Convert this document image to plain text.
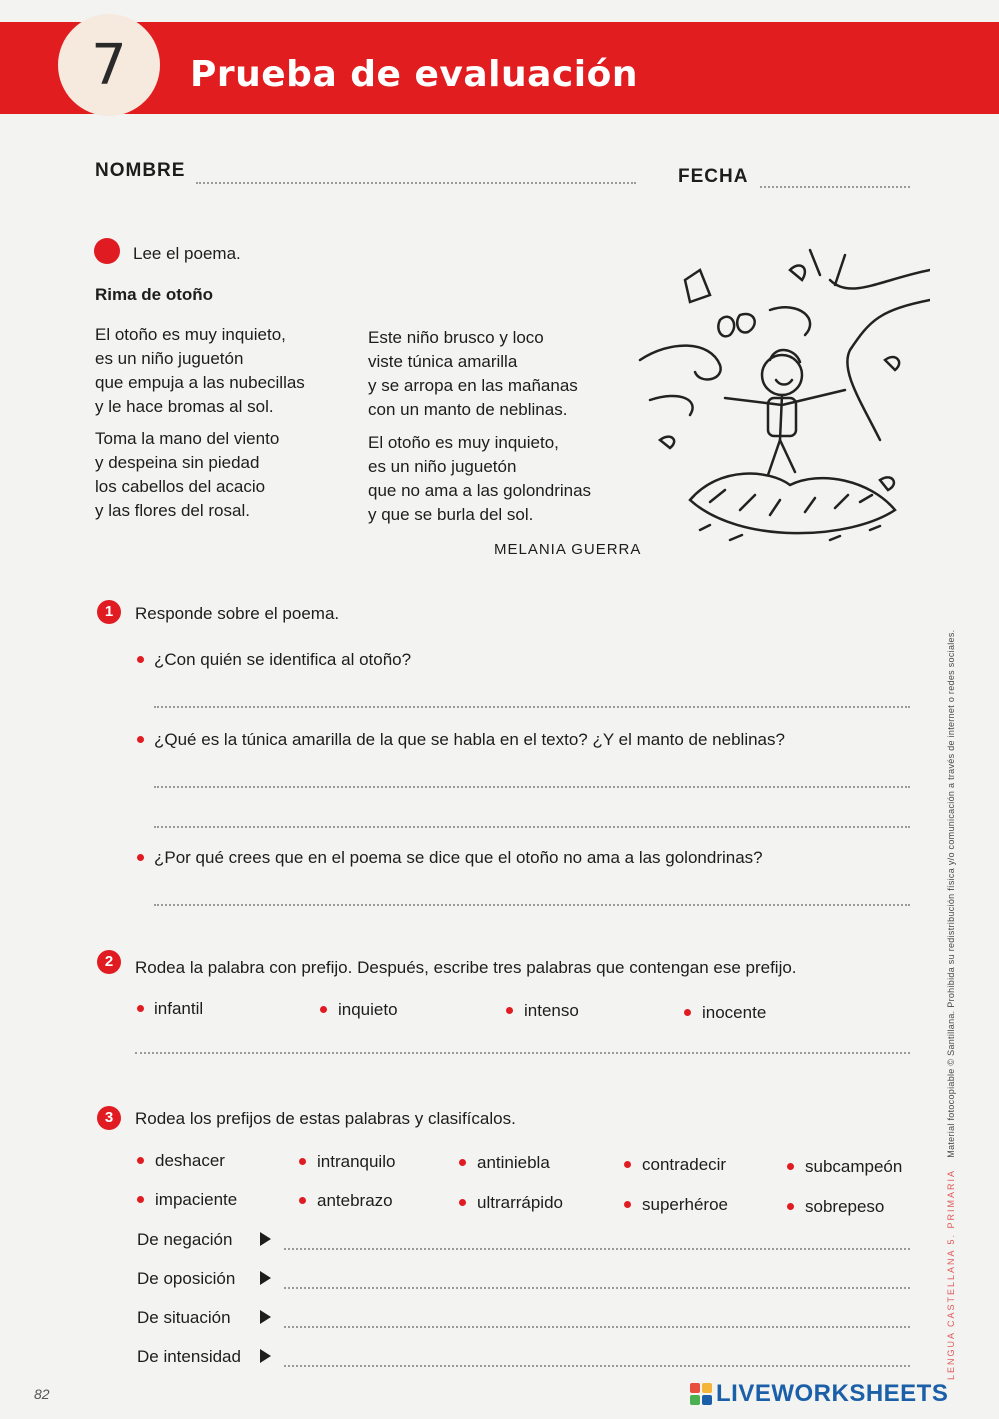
7	Prueba de evaluación
NOMBRE	FECHA
Lee el poema.
Rima de otoño
El otoño es muy inquieto,
es un niño juguetón
que empuja a las nubecillas
y le hace bromas al sol.
Toma la mano del viento
y despeina sin piedad
los cabellos del acacio
y las flores del rosal.
Este niño brusco y loco
viste túnica amarilla
y se arropa en las mañanas
con un manto de neblinas.
El otoño es muy inquieto,
es un niño juguetón
que no ama a las golondrinas
y que se burla del sol.
MELANIA GUERRA
1	Responde sobre el poema.
¿Con quién se identifica al otoño?
¿Qué es la túnica amarilla de la que se habla en el texto? ¿Y el manto de neblinas?
¿Por qué crees que en el poema se dice que el otoño no ama a las golondrinas?
2	Rodea la palabra con prefijo. Después, escribe tres palabras que contengan ese prefijo.
infantil	inquieto	intenso	inocente
3	Rodea los prefijos de estas palabras y clasifícalos.
deshacer	intranquilo	antiniebla	contradecir	subcampeón
impaciente	antebrazo	ultrarrápido	superhéroe	sobrepeso
De negación
De oposición
De situación
De intensidad	LENGUA CASTELLANA 5. PRIMARIA    Material fotocopiable © Santillana. Prohibida su redistribución física y/o comunicación a través de internet o redes sociales.
82	LIVEWORKSHEETS
